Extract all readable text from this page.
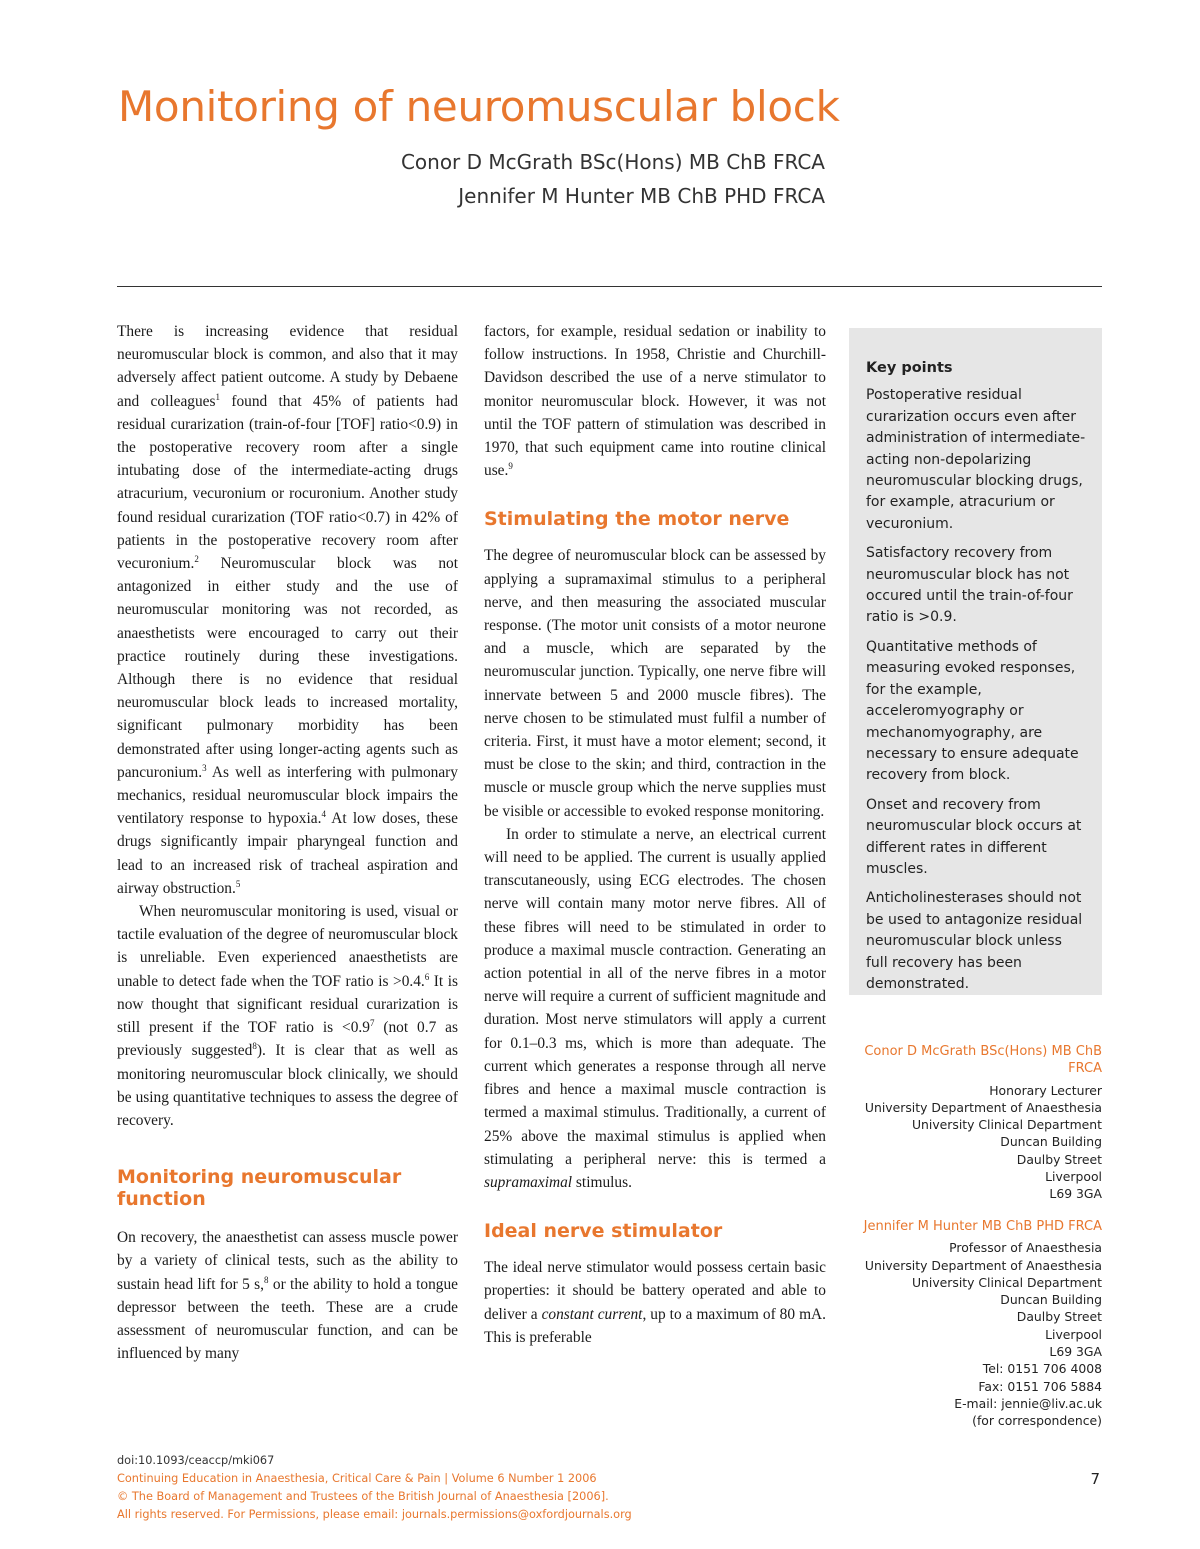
Monitoring of neuromuscular block
Conor D McGrath BSc(Hons) MB ChB FRCA
Jennifer M Hunter MB ChB PHD FRCA

There is increasing evidence that residual neuromuscular block is common, and also that it may adversely affect patient outcome. A study by Debaene and colleagues$^1$ found that 45% of patients had residual curarization (train-of-four [TOF] ratio<0.9) in the postoperative recovery room after a single intubating dose of the intermediate-acting drugs atracurium, vecuronium or rocuronium. Another study found residual curarization (TOF ratio<0.7) in 42% of patients in the postoperative recovery room after vecuronium.$^2$ Neuromuscular block was not antagonized in either study and the use of neuromuscular monitoring was not recorded, as anaesthetists were encouraged to carry out their practice routinely during these investigations. Although there is no evidence that residual neuromuscular block leads to increased mortality, significant pulmonary morbidity has been demonstrated after using longer-acting agents such as pancuronium.$^3$ As well as interfering with pulmonary mechanics, residual neuromuscular block impairs the ventilatory response to hypoxia.$^4$ At low doses, these drugs significantly impair pharyngeal function and lead to an increased risk of tracheal aspiration and airway obstruction.$^5$

When neuromuscular monitoring is used, visual or tactile evaluation of the degree of neuromuscular block is unreliable. Even experienced anaesthetists are unable to detect fade when the TOF ratio is >0.4.$^6$ It is now thought that significant residual curarization is still present if the TOF ratio is $<0.9^7$ (not 0.7 as previously suggested$^8$). It is clear that as well as monitoring neuromuscular block clinically, we should be using quantitative techniques to assess the degree of recovery.

Monitoring neuromuscular function

On recovery, the anaesthetist can assess muscle power by a variety of clinical tests, such as the ability to sustain head lift for 5 s,$^8$ or the ability to hold a tongue depressor between the teeth. These are a crude assessment of neuromuscular function, and can be influenced by many

factors, for example, residual sedation or inability to follow instructions. In 1958, Christie and Churchill-Davidson described the use of a nerve stimulator to monitor neuromuscular block. However, it was not until the TOF pattern of stimulation was described in 1970, that such equipment came into routine clinical use.$^9$

Stimulating the motor nerve

The degree of neuromuscular block can be assessed by applying a supramaximal stimulus to a peripheral nerve, and then measuring the associated muscular response. (The motor unit consists of a motor neurone and a muscle, which are separated by the neuromuscular junction. Typically, one nerve fibre will innervate between 5 and 2000 muscle fibres). The nerve chosen to be stimulated must fulfil a number of criteria. First, it must have a motor element; second, it must be close to the skin; and third, contraction in the muscle or muscle group which the nerve supplies must be visible or accessible to evoked response monitoring.

In order to stimulate a nerve, an electrical current will need to be applied. The current is usually applied transcutaneously, using ECG electrodes. The chosen nerve will contain many motor nerve fibres. All of these fibres will need to be stimulated in order to produce a maximal muscle contraction. Generating an action potential in all of the nerve fibres in a motor nerve will require a current of sufficient magnitude and duration. Most nerve stimulators will apply a current for 0.1–0.3 ms, which is more than adequate. The current which generates a response through all nerve fibres and hence a maximal muscle contraction is termed a maximal stimulus. Traditionally, a current of 25% above the maximal stimulus is applied when stimulating a peripheral nerve: this is termed a supramaximal stimulus.

Ideal nerve stimulator

The ideal nerve stimulator would possess certain basic properties: it should be battery operated and able to deliver a constant current, up to a maximum of 80 mA. This is preferable

Key points

Postoperative residual curarization occurs even after administration of intermediate-acting non-depolarizing neuromuscular blocking drugs, for example, atracurium or vecuronium.

Satisfactory recovery from neuromuscular block has not occured until the train-of-four ratio is >0.9.

Quantitative methods of measuring evoked responses, for the example, acceleromyography or mechanomyography, are necessary to ensure adequate recovery from block.

Onset and recovery from neuromuscular block occurs at different rates in different muscles.

Anticholinesterases should not be used to antagonize residual neuromuscular block unless full recovery has been demonstrated.

Conor D McGrath BSc(Hons) MB ChB FRCA
Honorary Lecturer
University Department of Anaesthesia
University Clinical Department
Duncan Building
Daulby Street
Liverpool
L69 3GA
Jennifer M Hunter MB ChB PHD FRCA
Professor of Anaesthesia
University Department of Anaesthesia
University Clinical Department
Duncan Building
Daulby Street
Liverpool
L69 3GA
Tel: 0151 706 4008
Fax: 0151 706 5884
E-mail: jennie@liv.ac.uk
(for correspondence)
doi:10.1093/ceaccp/mki067
Continuing Education in Anaesthesia, Critical Care & Pain | Volume 6 Number 1 2006
© The Board of Management and Trustees of the British Journal of Anaesthesia [2006].
All rights reserved. For Permissions, please email: journals.permissions@oxfordjournals.org
7
